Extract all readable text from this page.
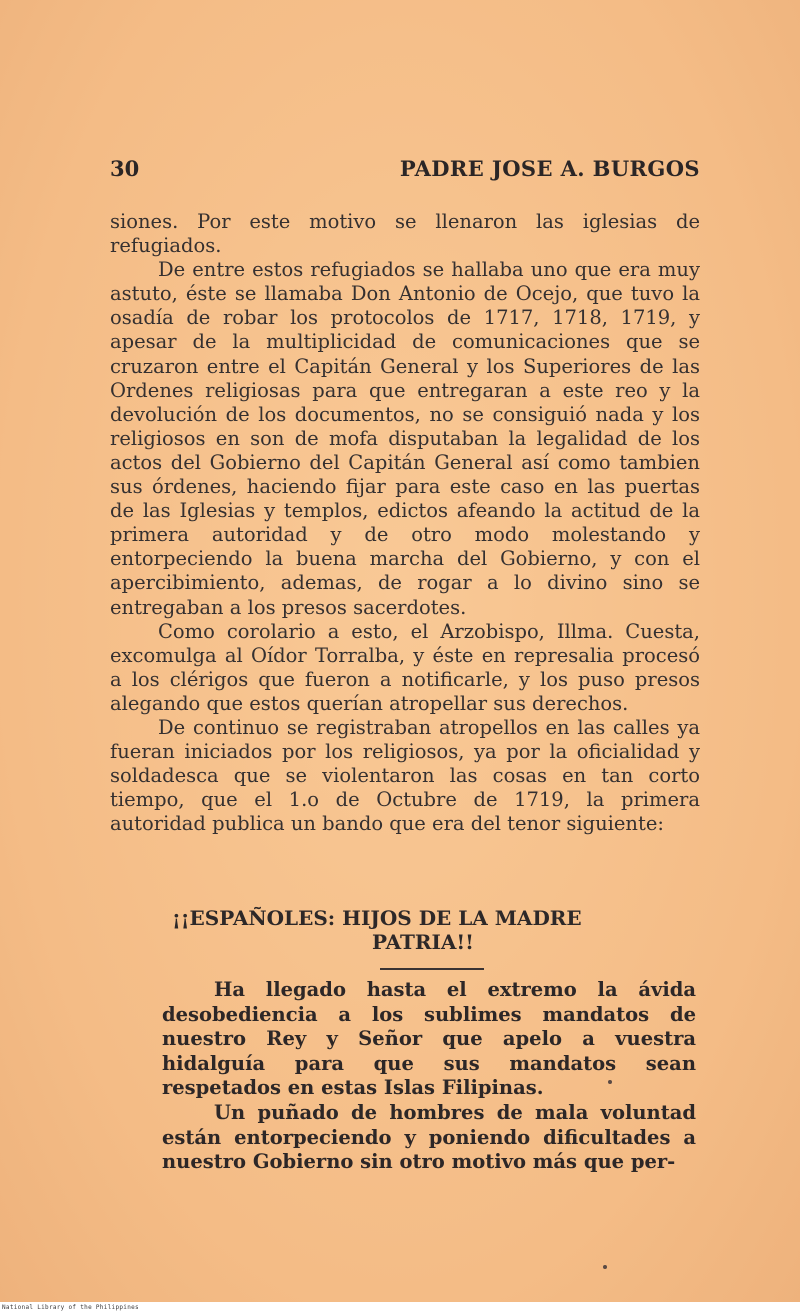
30	PADRE JOSE A. BURGOS

siones. Por este motivo se llenaron las iglesias de refugiados.

De entre estos refugiados se hallaba uno que era muy astuto, éste se llamaba Don Antonio de Ocejo, que tuvo la osadía de robar los protocolos de 1717, 1718, 1719, y apesar de la multiplicidad de comunicaciones que se cruzaron entre el Capitán General y los Superiores de las Ordenes religiosas para que entregaran a este reo y la devolución de los documentos, no se consiguió nada y los religiosos en son de mofa disputaban la legalidad de los actos del Gobierno del Capitán General así como tambien sus órdenes, haciendo fijar para este caso en las puertas de las Iglesias y templos, edictos afeando la actitud de la primera autoridad y de otro modo molestando y entorpeciendo la buena marcha del Gobierno, y con el apercibimiento, ademas, de rogar a lo divino sino se entregaban a los presos sacerdotes.

Como corolario a esto, el Arzobispo, Illma. Cuesta, excomulga al Oídor Torralba, y éste en represalia procesó a los clérigos que fueron a notificarle, y los puso presos alegando que estos querían atropellar sus derechos.

De continuo se registraban atropellos en las calles ya fueran iniciados por los religiosos, ya por la oficialidad y soldadesca que se violentaron las cosas en tan corto tiempo, que el 1.o de Octubre de 1719, la primera autoridad publica un bando que era del tenor siguiente:

¡¡ESPAÑOLES: HIJOS DE LA MADRE
PATRIA!!

Ha llegado hasta el extremo la ávida desobediencia a los sublimes mandatos de nuestro Rey y Señor que apelo a vuestra hidalguía para que sus mandatos sean respetados en estas Islas Filipinas.

Un puñado de hombres de mala voluntad están entorpeciendo y poniendo dificultades a nuestro Gobierno sin otro motivo más que per-

National Library of the Philippines
